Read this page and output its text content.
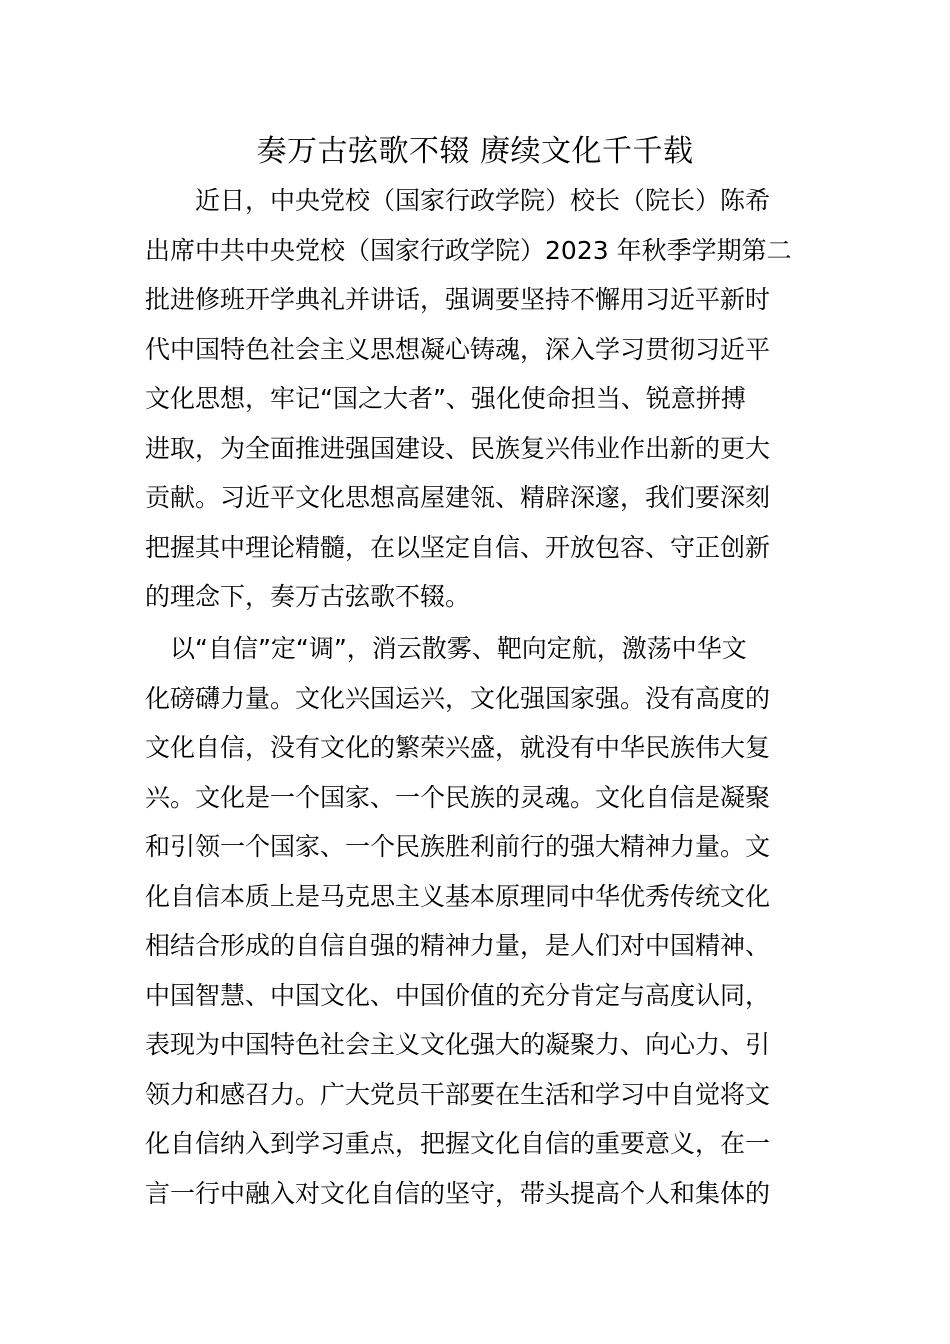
奏万古弦歌不辍 赓续文化千千载
　　近日，中央党校（国家行政学院）校长（院长）陈希
出席中共中央党校（国家行政学院）2023 年秋季学期第二
批进修班开学典礼并讲话，强调要坚持不懈用习近平新时
代中国特色社会主义思想凝心铸魂，深入学习贯彻习近平
文化思想，牢记“国之大者”、强化使命担当、锐意拼搏
进取，为全面推进强国建设、民族复兴伟业作出新的更大
贡献。习近平文化思想高屋建瓴、精辟深邃，我们要深刻
把握其中理论精髓，在以坚定自信、开放包容、守正创新
的理念下，奏万古弦歌不辍。
　以“自信”定“调”，消云散雾、靶向定航，激荡中华文
化磅礴力量。文化兴国运兴，文化强国家强。没有高度的
文化自信，没有文化的繁荣兴盛，就没有中华民族伟大复
兴。文化是一个国家、一个民族的灵魂。文化自信是凝聚
和引领一个国家、一个民族胜利前行的强大精神力量。文
化自信本质上是马克思主义基本原理同中华优秀传统文化
相结合形成的自信自强的精神力量，是人们对中国精神、
中国智慧、中国文化、中国价值的充分肯定与高度认同，
表现为中国特色社会主义文化强大的凝聚力、向心力、引
领力和感召力。广大党员干部要在生活和学习中自觉将文
化自信纳入到学习重点，把握文化自信的重要意义，在一
言一行中融入对文化自信的坚守，带头提高个人和集体的
